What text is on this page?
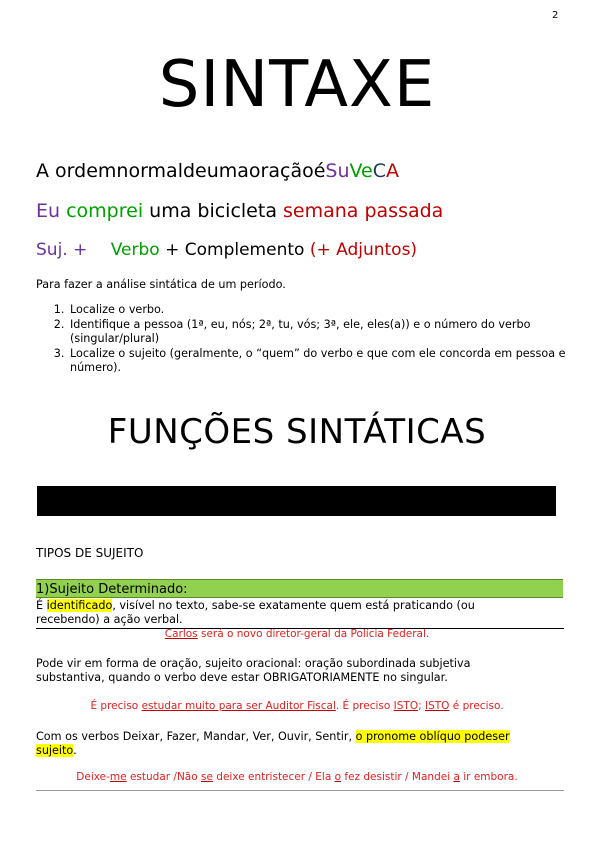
2
SINTAXE
A ordemnormaldeumaoraçãoéSuVeCA
Eu comprei uma bicicleta semana passada
Suj. + Verbo + Complemento (+ Adjuntos)
Para fazer a análise sintática de um período.
1. Localize o verbo.
2. Identifique a pessoa (1ª, eu, nós; 2ª, tu, vós; 3ª, ele, eles(a)) e o número do verbo (singular/plural)
3. Localize o sujeito (geralmente, o “quem” do verbo e que com ele concorda em pessoa e número).
FUNÇÕES SINTÁTICAS
TIPOS DE SUJEITO
1)Sujeito Determinado:
É identificado, visível no texto, sabe-se exatamente quem está praticando (ou recebendo) a ação verbal.
Carlos será o novo diretor-geral da Polícia Federal.
Pode vir em forma de oração, sujeito oracional: oração subordinada subjetiva substantiva, quando o verbo deve estar OBRIGATORIAMENTE no singular.
É preciso estudar muito para ser Auditor Fiscal. É preciso ISTO; ISTO é preciso.
Com os verbos Deixar, Fazer, Mandar, Ver, Ouvir, Sentir, o pronome oblíquo podeser sujeito.
Deixe-me estudar /Não se deixe entristecer / Ela o fez desistir / Mandei a ir embora.
